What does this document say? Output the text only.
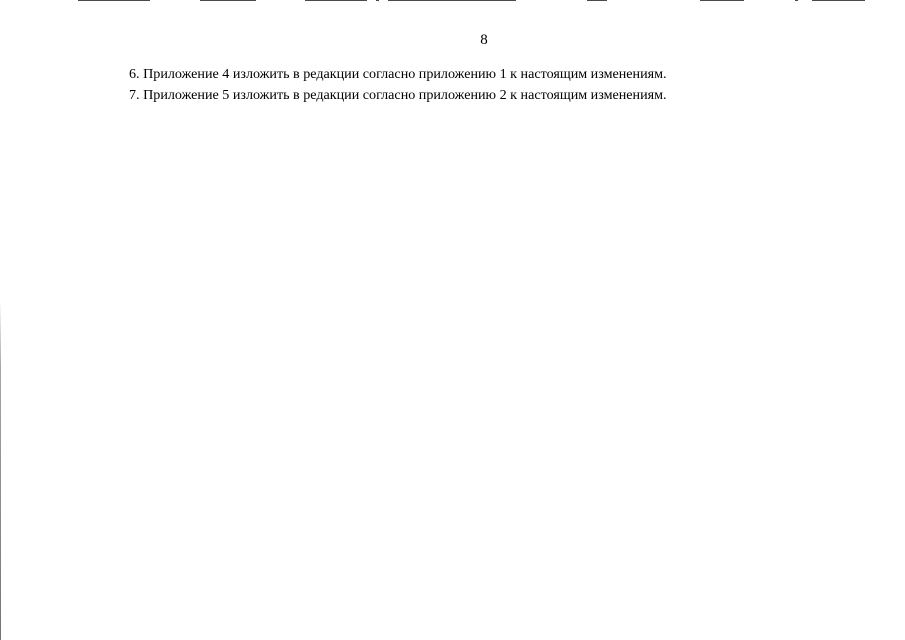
8

6. Приложение 4 изложить в редакции согласно приложению 1 к настоящим изменениям.

7. Приложение 5 изложить в редакции согласно приложению 2 к настоящим изменениям.
